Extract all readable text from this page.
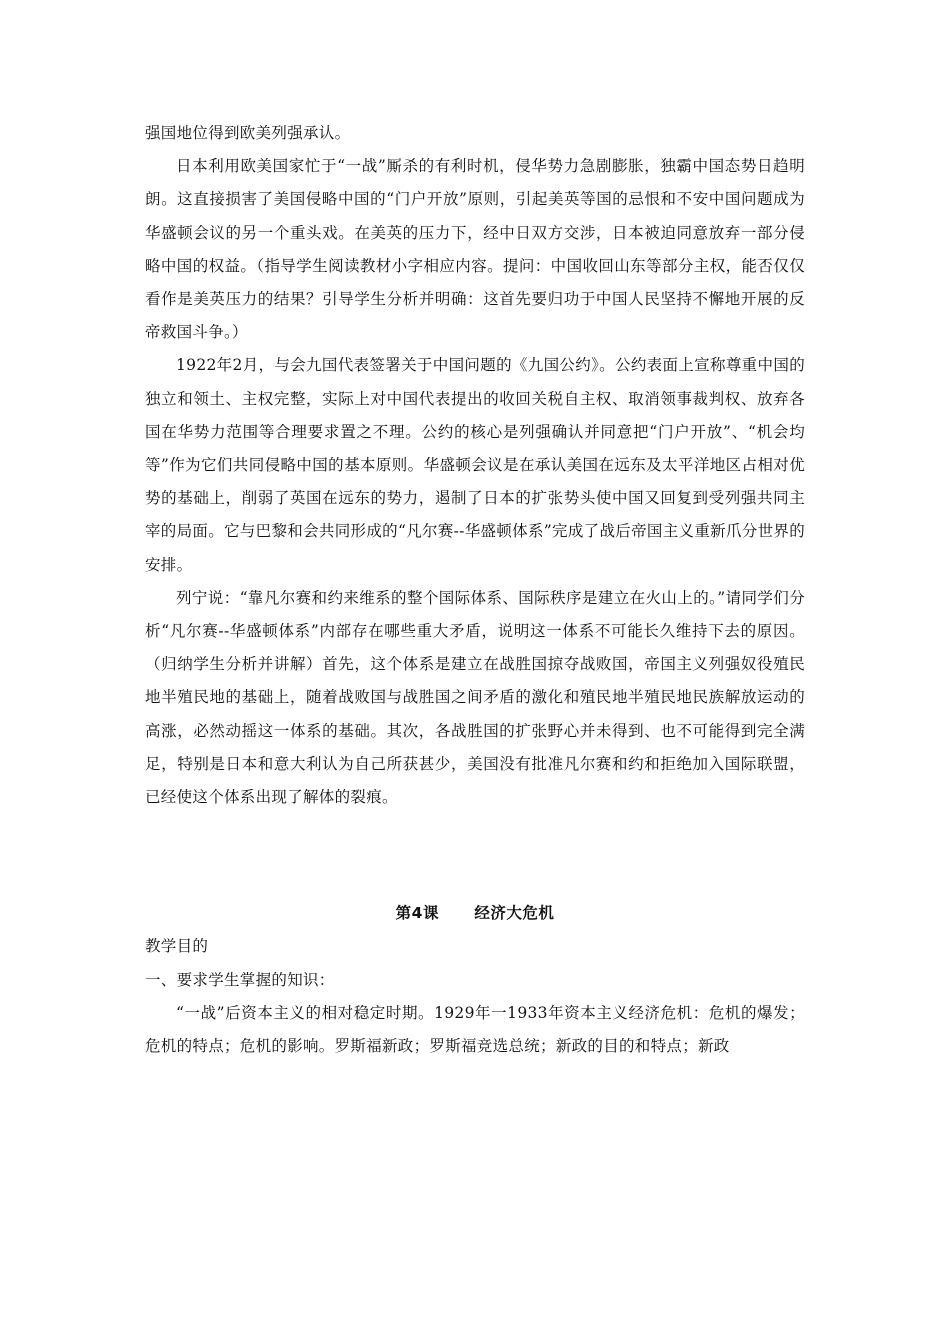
强国地位得到欧美列强承认。

日本利用欧美国家忙于“一战”厮杀的有利时机，侵华势力急剧膨胀，独霸中国态势日趋明朗。这直接损害了美国侵略中国的“门户开放”原则，引起美英等国的忌恨和不安中国问题成为华盛顿会议的另一个重头戏。在美英的压力下，经中日双方交涉，日本被迫同意放弃一部分侵略中国的权益。（指导学生阅读教材小字相应内容。提问：中国收回山东等部分主权，能否仅仅看作是美英压力的结果？引导学生分析并明确：这首先要归功于中国人民坚持不懈地开展的反帝救国斗争。）

1922年2月，与会九国代表签署关于中国问题的《九国公约》。公约表面上宣称尊重中国的独立和领土、主权完整，实际上对中国代表提出的收回关税自主权、取消领事裁判权、放弃各国在华势力范围等合理要求置之不理。公约的核心是列强确认并同意把“门户开放”、“机会均等”作为它们共同侵略中国的基本原则。华盛顿会议是在承认美国在远东及太平洋地区占相对优势的基础上，削弱了英国在远东的势力，遏制了日本的扩张势头使中国又回复到受列强共同主宰的局面。它与巴黎和会共同形成的“凡尔赛--华盛顿体系”完成了战后帝国主义重新爪分世界的安排。

列宁说：“靠凡尔赛和约来维系的整个国际体系、国际秩序是建立在火山上的。”请同学们分析“凡尔赛--华盛顿体系”内部存在哪些重大矛盾，说明这一体系不可能长久维持下去的原因。（归纳学生分析并讲解）首先，这个体系是建立在战胜国掠夺战败国，帝国主义列强奴役殖民地半殖民地的基础上，随着战败国与战胜国之间矛盾的激化和殖民地半殖民地民族解放运动的高涨，必然动摇这一体系的基础。其次，各战胜国的扩张野心并未得到、也不可能得到完全满足，特别是日本和意大利认为自己所获甚少，美国没有批准凡尔赛和约和拒绝加入国际联盟，已经使这个体系出现了解体的裂痕。

第4课      经济大危机

教学目的

一、要求学生掌握的知识：

“一战”后资本主义的相对稳定时期。1929年一1933年资本主义经济危机：危机的爆发；危机的特点；危机的影响。罗斯福新政；罗斯福竞选总统；新政的目的和特点；新政
